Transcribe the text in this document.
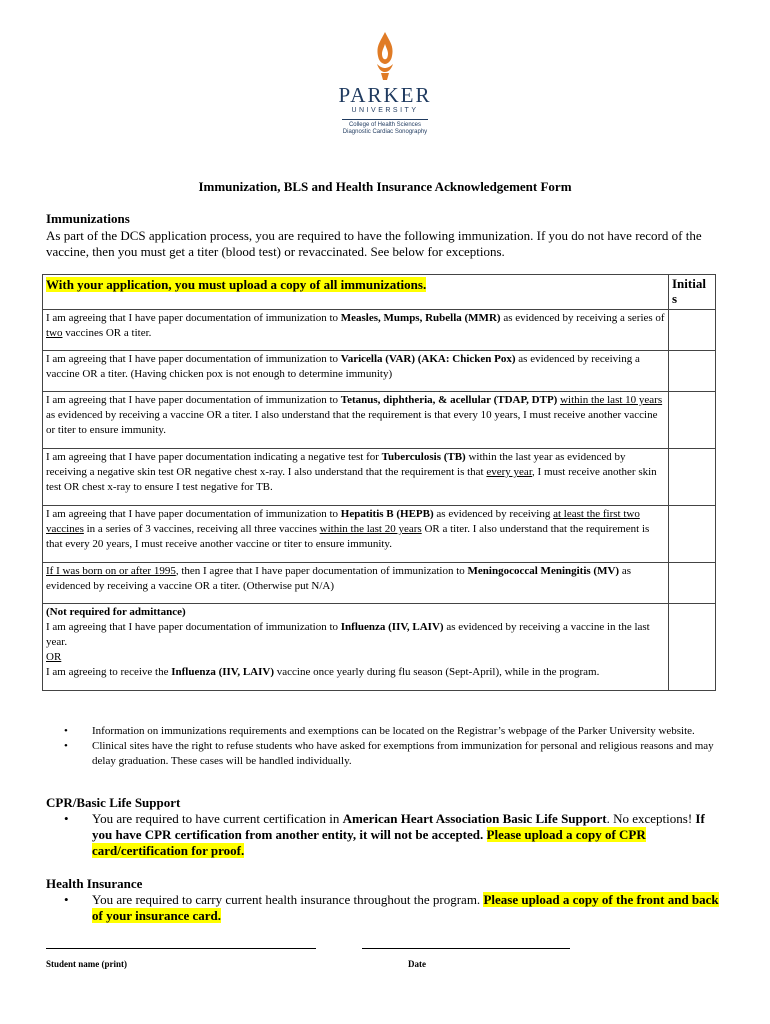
PARKER
UNIVERSITY
College of Health Sciences
Diagnostic Cardiac Sonography
Immunization, BLS and Health Insurance Acknowledgement Form
Immunizations
As part of the DCS application process, you are required to have the following immunization. If you do not have record of the vaccine, then you must get a titer (blood test) or revaccinated. See below for exceptions.
With your application, you must upload a copy of all immunizations.	Initials

I am agreeing that I have paper documentation of immunization to Measles, Mumps, Rubella (MMR) as evidenced by receiving a series of two vaccines OR a titer.	
I am agreeing that I have paper documentation of immunization to Varicella (VAR) (AKA: Chicken Pox) as evidenced by receiving a vaccine OR a titer. (Having chicken pox is not enough to determine immunity)	
I am agreeing that I have paper documentation of immunization to Tetanus, diphtheria, & acellular (TDAP, DTP) within the last 10 years as evidenced by receiving a vaccine OR a titer. I also understand that the requirement is that every 10 years, I must receive another vaccine or titer to ensure immunity.	
I am agreeing that I have paper documentation indicating a negative test for Tuberculosis (TB) within the last year as evidenced by receiving a negative skin test OR negative chest x-ray. I also understand that the requirement is that every year, I must receive another skin test OR chest x-ray to ensure I test negative for TB.	
I am agreeing that I have paper documentation of immunization to Hepatitis B (HEPB) as evidenced by receiving at least the first two vaccines in a series of 3 vaccines, receiving all three vaccines within the last 20 years OR a titer. I also understand that the requirement is that every 20 years, I must receive another vaccine or titer to ensure immunity.	
If I was born on or after 1995, then I agree that I have paper documentation of immunization to Meningococcal Meningitis (MV) as evidenced by receiving a vaccine OR a titer. (Otherwise put N/A)	

(Not required for admittance)
I am agreeing that I have paper documentation of immunization to Influenza (IIV, LAIV) as evidenced by receiving a vaccine in the last year.
OR
I am agreeing to receive the Influenza (IIV, LAIV) vaccine once yearly during flu season (Sept-April), while in the program.	

• Information on immunizations requirements and exemptions can be located on the Registrar’s webpage of the Parker University website.
• Clinical sites have the right to refuse students who have asked for exemptions from immunization for personal and religious reasons and may delay graduation. These cases will be handled individually.
CPR/Basic Life Support
• You are required to have current certification in American Heart Association Basic Life Support. No exceptions! If you have CPR certification from another entity, it will not be accepted. Please upload a copy of CPR card/certification for proof.
Health Insurance
• You are required to carry current health insurance throughout the program. Please upload a copy of the front and back of your insurance card.
Student name (print)	Date
